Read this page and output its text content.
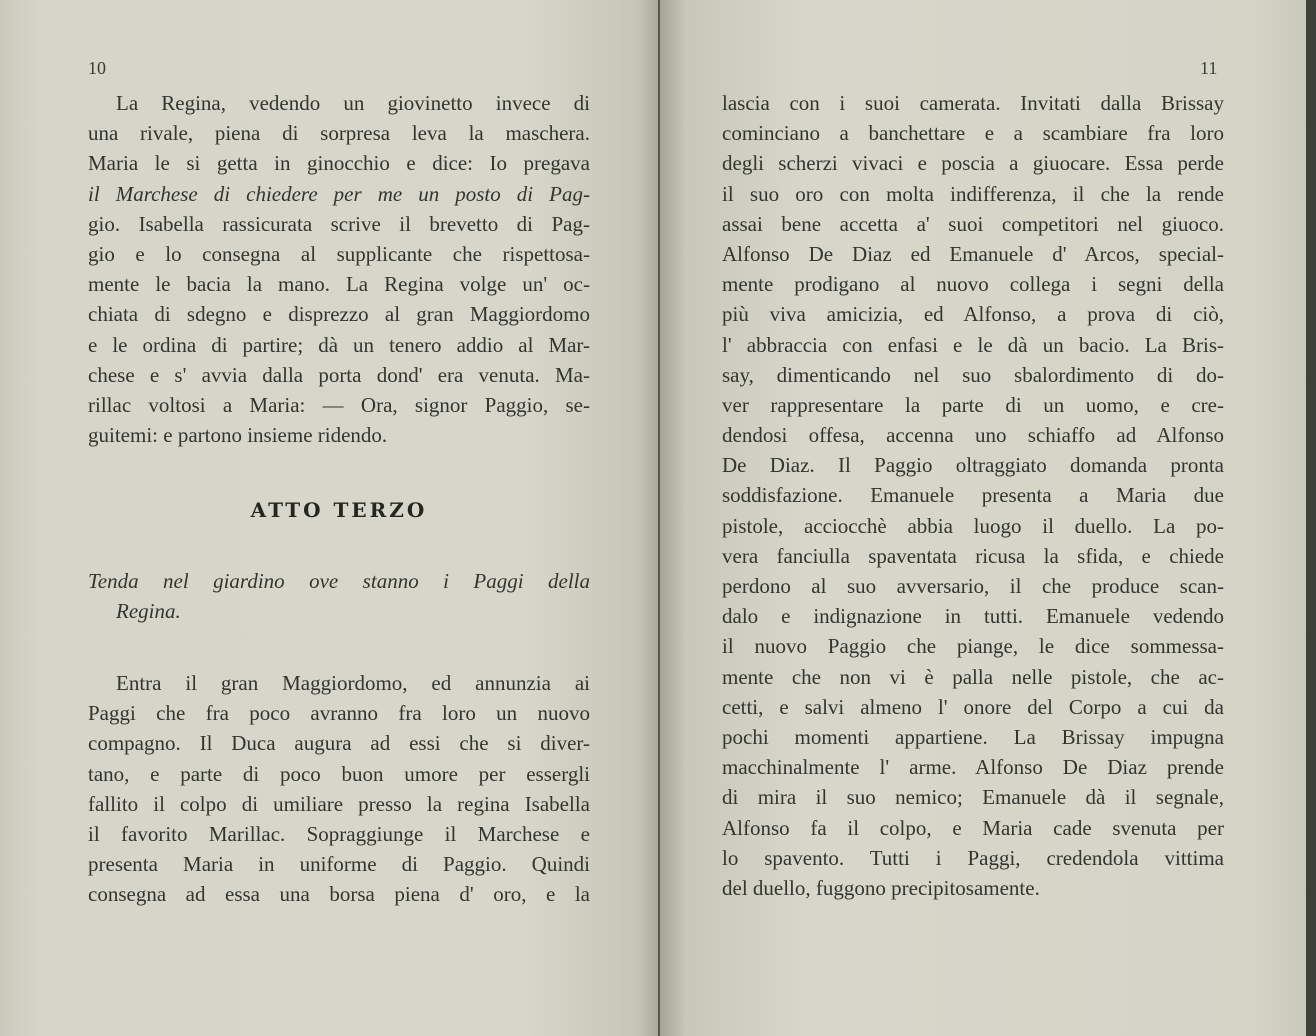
10
La Regina, vedendo un giovinetto invece di
una rivale, piena di sorpresa leva la maschera.
Maria le si getta in ginocchio e dice: Io pregava
il Marchese di chiedere per me un posto di Pag-
gio. Isabella rassicurata scrive il brevetto di Pag-
gio e lo consegna al supplicante che rispettosa-
mente le bacia la mano. La Regina volge un' oc-
chiata di sdegno e disprezzo al gran Maggiordomo
e le ordina di partire; dà un tenero addio al Mar-
chese e s' avvia dalla porta dond' era venuta. Ma-
rillac voltosi a Maria: — Ora, signor Paggio, se-
guitemi: e partono insieme ridendo.
ATTO TERZO
Tenda nel giardino ove stanno i Paggi della
Regina.
Entra il gran Maggiordomo, ed annunzia ai
Paggi che fra poco avranno fra loro un nuovo
compagno. Il Duca augura ad essi che si diver-
tano, e parte di poco buon umore per essergli
fallito il colpo di umiliare presso la regina Isabella
il favorito Marillac. Sopraggiunge il Marchese e
presenta Maria in uniforme di Paggio. Quindi
consegna ad essa una borsa piena d' oro, e la
11
lascia con i suoi camerata. Invitati dalla Brissay
cominciano a banchettare e a scambiare fra loro
degli scherzi vivaci e poscia a giuocare. Essa perde
il suo oro con molta indifferenza, il che la rende
assai bene accetta a' suoi competitori nel giuoco.
Alfonso De Diaz ed Emanuele d' Arcos, special-
mente prodigano al nuovo collega i segni della
più viva amicizia, ed Alfonso, a prova di ciò,
l' abbraccia con enfasi e le dà un bacio. La Bris-
say, dimenticando nel suo sbalordimento di do-
ver rappresentare la parte di un uomo, e cre-
dendosi offesa, accenna uno schiaffo ad Alfonso
De Diaz. Il Paggio oltraggiato domanda pronta
soddisfazione. Emanuele presenta a Maria due
pistole, acciocchè abbia luogo il duello. La po-
vera fanciulla spaventata ricusa la sfida, e chiede
perdono al suo avversario, il che produce scan-
dalo e indignazione in tutti. Emanuele vedendo
il nuovo Paggio che piange, le dice sommessa-
mente che non vi è palla nelle pistole, che ac-
cetti, e salvi almeno l' onore del Corpo a cui da
pochi momenti appartiene. La Brissay impugna
macchinalmente l' arme. Alfonso De Diaz prende
di mira il suo nemico; Emanuele dà il segnale,
Alfonso fa il colpo, e Maria cade svenuta per
lo spavento. Tutti i Paggi, credendola vittima
del duello, fuggono precipitosamente.
